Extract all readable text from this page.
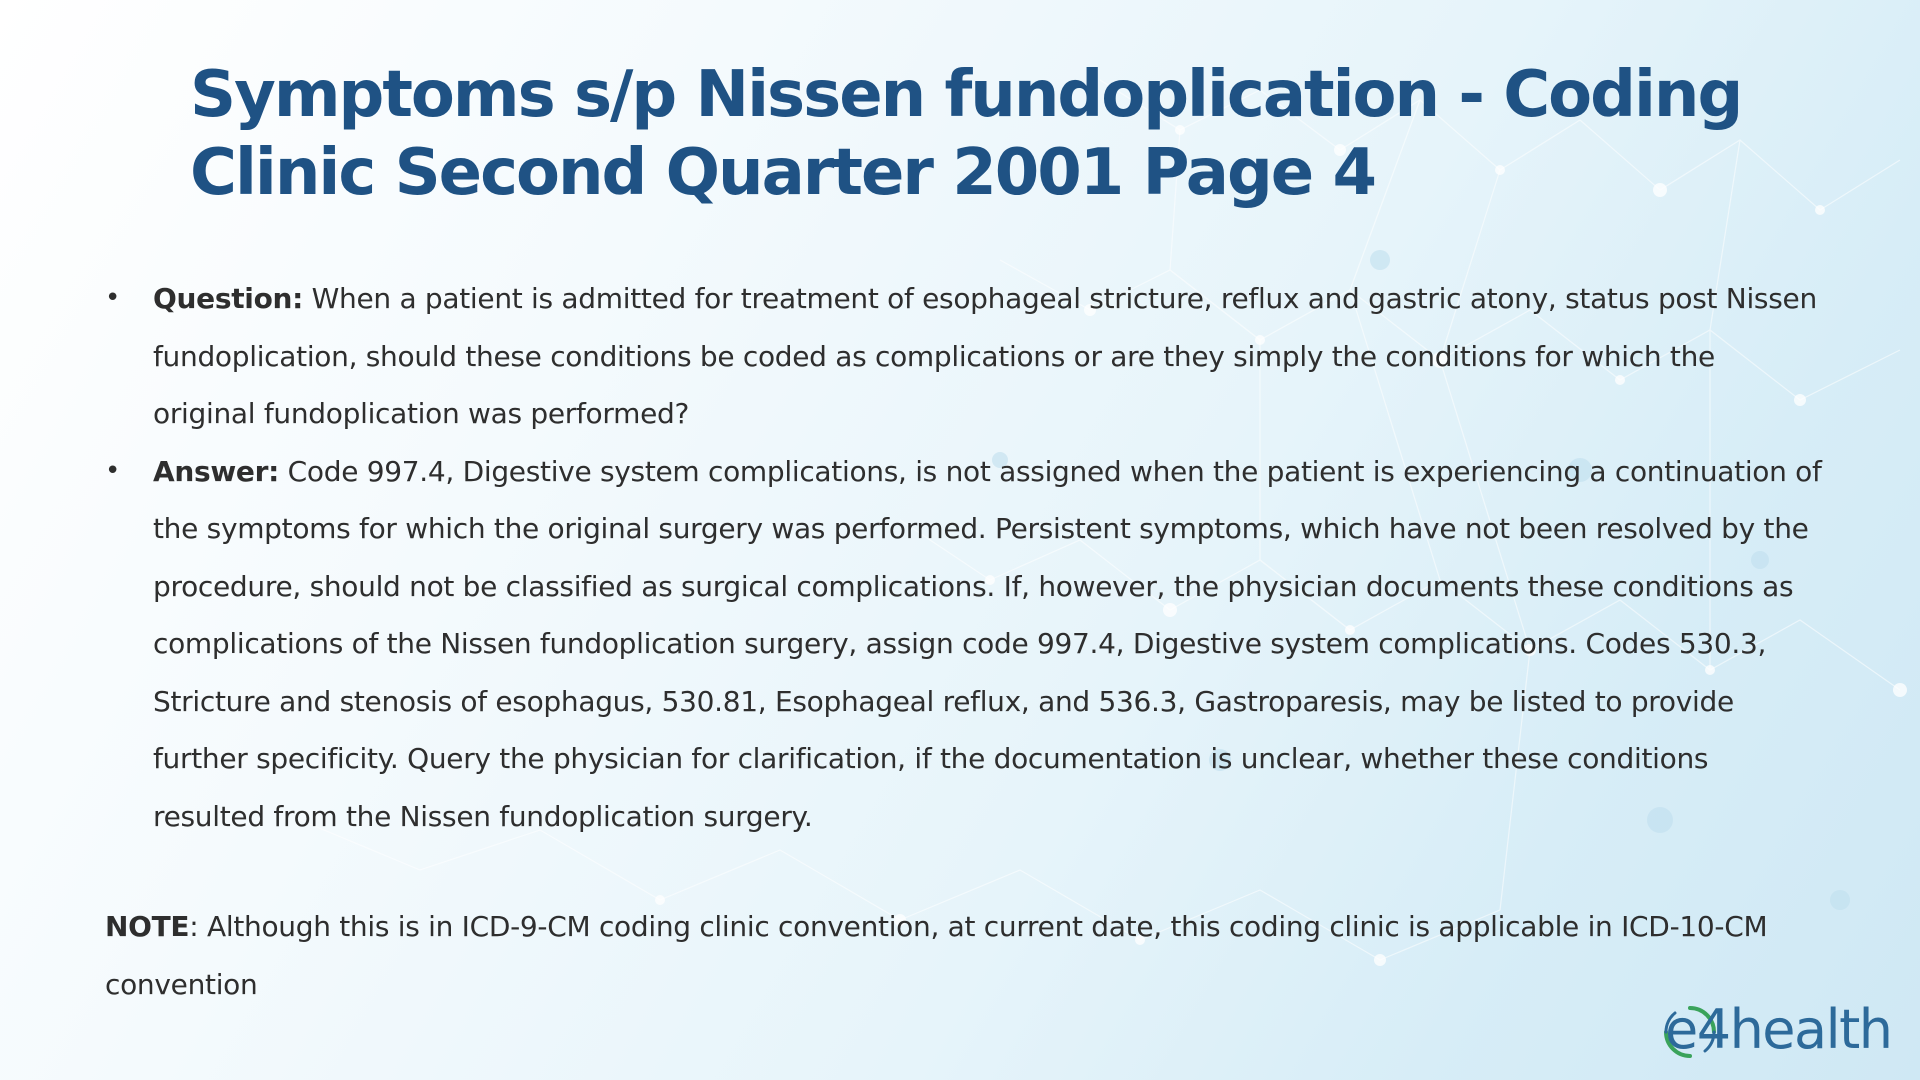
Symptoms s/p Nissen fundoplication - Coding Clinic Second Quarter 2001 Page 4
• Question: When a patient is admitted for treatment of esophageal stricture, reflux and gastric atony, status post Nissen fundoplication, should these conditions be coded as complications or are they simply the conditions for which the original fundoplication was performed?
• Answer: Code 997.4, Digestive system complications, is not assigned when the patient is experiencing a continuation of the symptoms for which the original surgery was performed. Persistent symptoms, which have not been resolved by the procedure, should not be classified as surgical complications. If, however, the physician documents these conditions as complications of the Nissen fundoplication surgery, assign code 997.4, Digestive system complications. Codes 530.3, Stricture and stenosis of esophagus, 530.81, Esophageal reflux, and 536.3, Gastroparesis, may be listed to provide further specificity. Query the physician for clarification, if the documentation is unclear, whether these conditions resulted from the Nissen fundoplication surgery.

NOTE: Although this is in ICD-9-CM coding clinic convention, at current date, this coding clinic is applicable in ICD-10-CM convention

e4health
